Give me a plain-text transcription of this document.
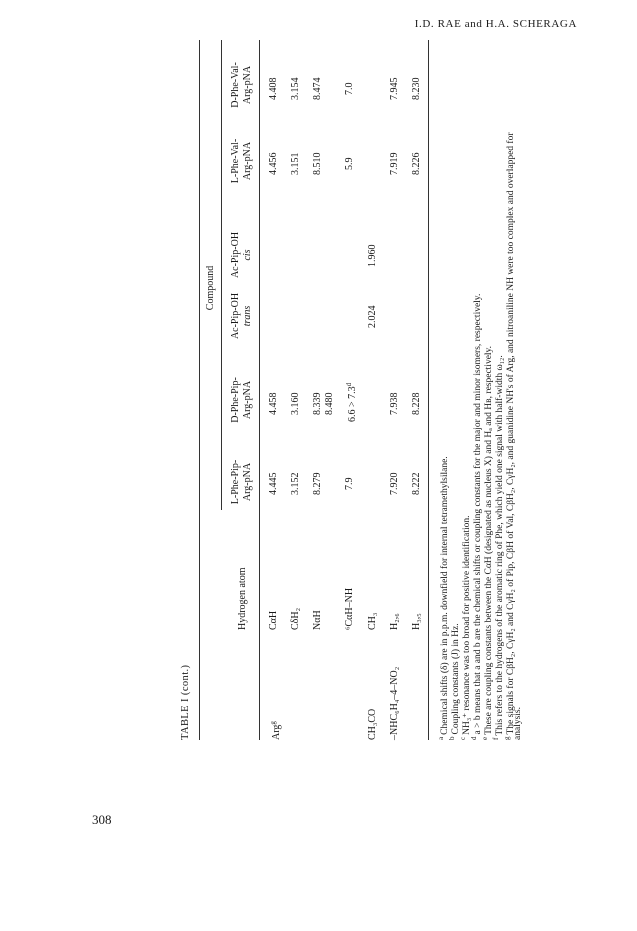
I.D. RAE and H.A. SCHERAGA
TABLE I (cont.)
Compound
Hydrogen atom
L-Phe-Pip- Arg-pNA
D-Phe-Pip- Arg-pNA
Ac-Pip-OH trans
Ac-Pip-OH cis
L-Phe-Val- Arg-pNA
D-Phe-Val- Arg-pNA
Arg$^g$	CH₃CO –NHC₆H₄–4–NO₂
CαH CδH₂ NαH ⁶CαH–NH CH₃ H₂,₆ H₃,₅
4.445
4.458
4.456
4.408
3.152
3.160
3.151
3.154
8.279
8.339 8.480
8.510
8.474
7.9
6.6 > 7.3$^d$
5.9
7.0
2.024
1.960
7.920
7.938
7.919
7.945
8.222
8.228
8.226
8.230
$^a$Chemical shifts (δ) are in p.p.m. downfield for internal tetramethylsilane.
$^b$Coupling constants (J) in Hz.
$^c$NH₃⁺ resonance was too broad for positive identification.
$^d$a > b means that a and b are the chemical shifts or coupling constants for the major and minor isomers, respectively.
$^e$These are coupling constants between the CαH (designated as nucleus X) and Hₐ and Hʙ, respectively.
$^f$This refers to the hydrogens of the aromatic ring of Phe, which yield one signal with half-width ω₁₂.
$^g$The signals for CβH₂, CγH₂ and CγH₂ of Pip, CβH of Val, CβH₂, CγH₂, and guanidine NH's of Arg, and nitroaniline NH were too complex and overlapped for
analysis.
308
